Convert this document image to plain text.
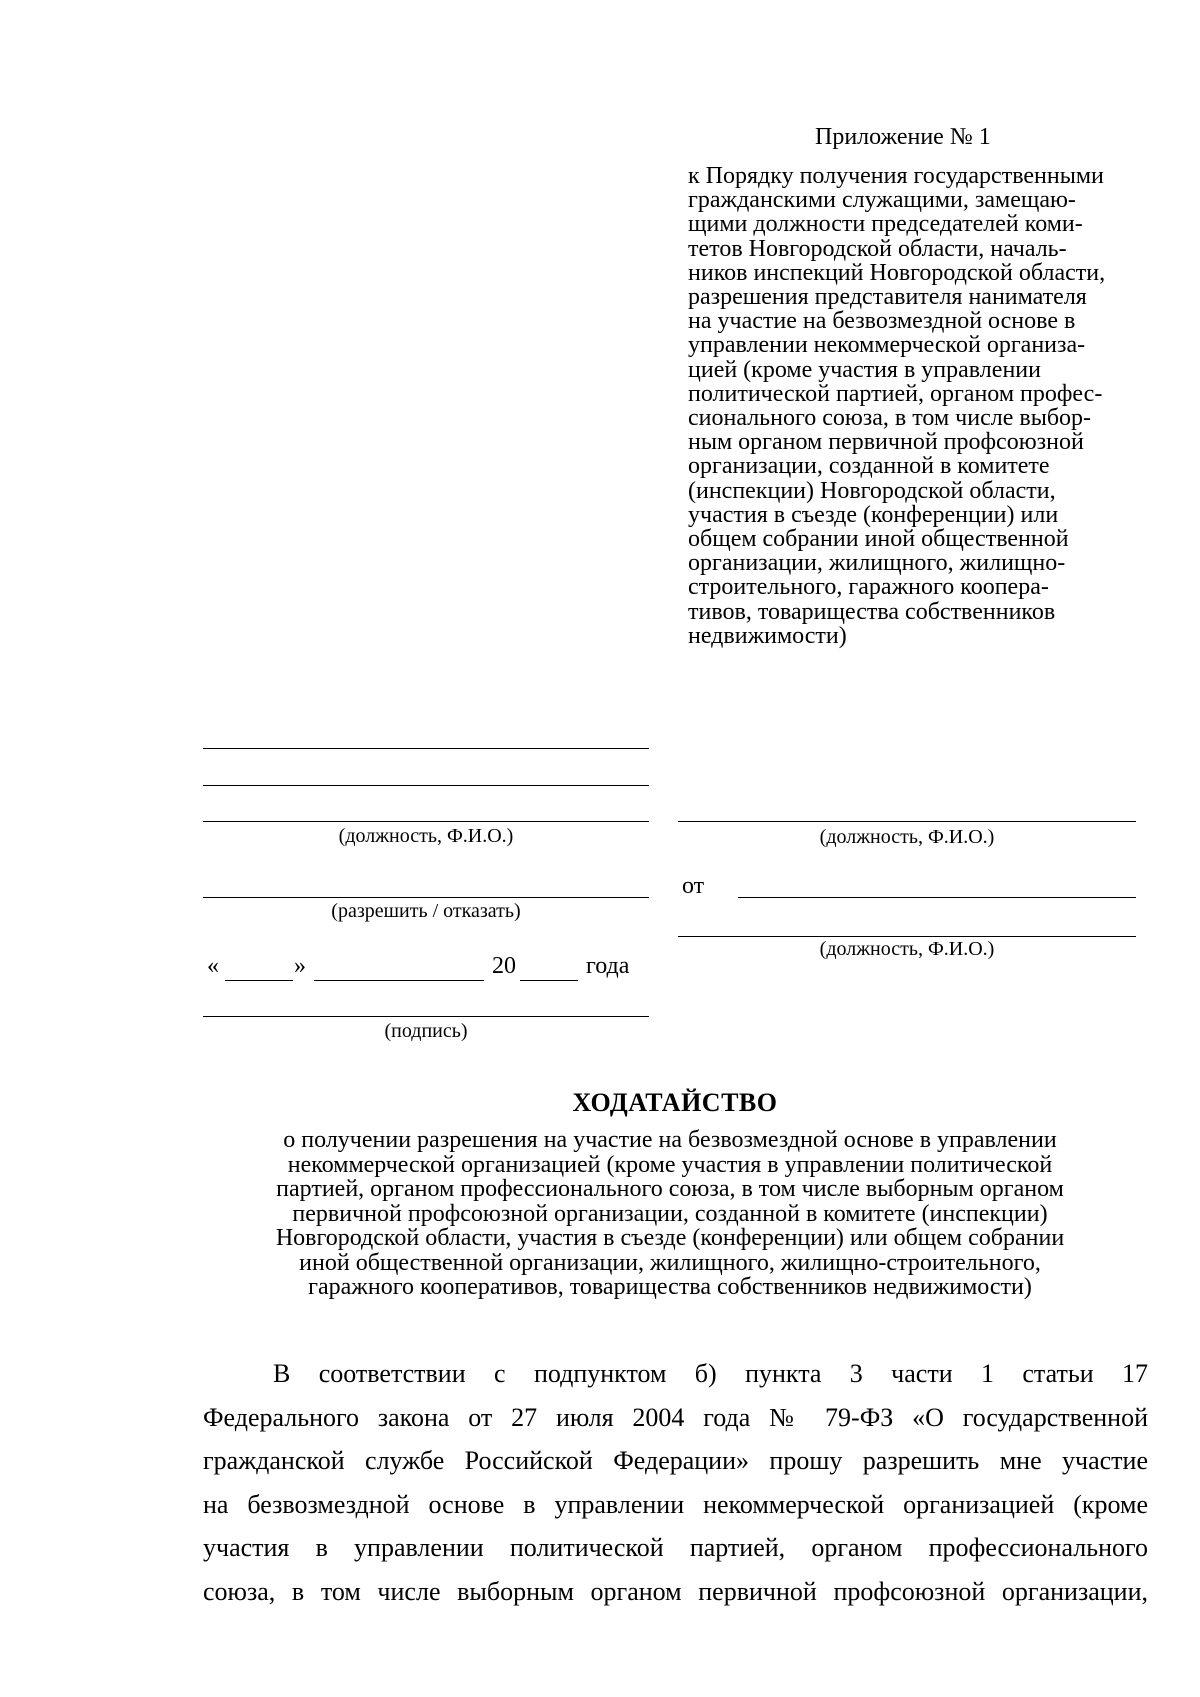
Приложение № 1
к Порядку получения государственными
гражданскими служащими, замещаю-
щими должности председателей коми-
тетов Новгородской области, началь-
ников инспекций Новгородской области,
разрешения представителя нанимателя
на участие на безвозмездной основе в
управлении некоммерческой организа-
цией (кроме участия в управлении
политической партией, органом профес-
сионального союза, в том числе выбор-
ным органом первичной профсоюзной
организации, созданной в комитете
(инспекции) Новгородской области,
участия в съезде (конференции) или
общем собрании иной общественной
организации, жилищного, жилищно-
строительного, гаражного коопера-
тивов, товарищества собственников
недвижимости)
(должность, Ф.И.О.)
(разрешить / отказать)
«	»	20	года
(подпись)
(должность, Ф.И.О.)
от
(должность, Ф.И.О.)
ХОДАТАЙСТВО
о получении разрешения на участие на безвозмездной основе в управлении
некоммерческой организацией (кроме участия в управлении политической
партией, органом профессионального союза, в том числе выборным органом
первичной профсоюзной организации, созданной в комитете (инспекции)
Новгородской области, участия в съезде (конференции) или общем собрании
иной общественной организации, жилищного, жилищно-строительного,
гаражного кооперативов, товарищества собственников недвижимости)
В соответствии с подпунктом б) пункта 3 части 1 статьи 17
Федерального закона от 27 июля 2004 года № 79-ФЗ «О государственной
гражданской службе Российской Федерации» прошу разрешить мне участие
на безвозмездной основе в управлении некоммерческой организацией (кроме
участия в управлении политической партией, органом профессионального
союза, в том числе выборным органом первичной профсоюзной организации,
